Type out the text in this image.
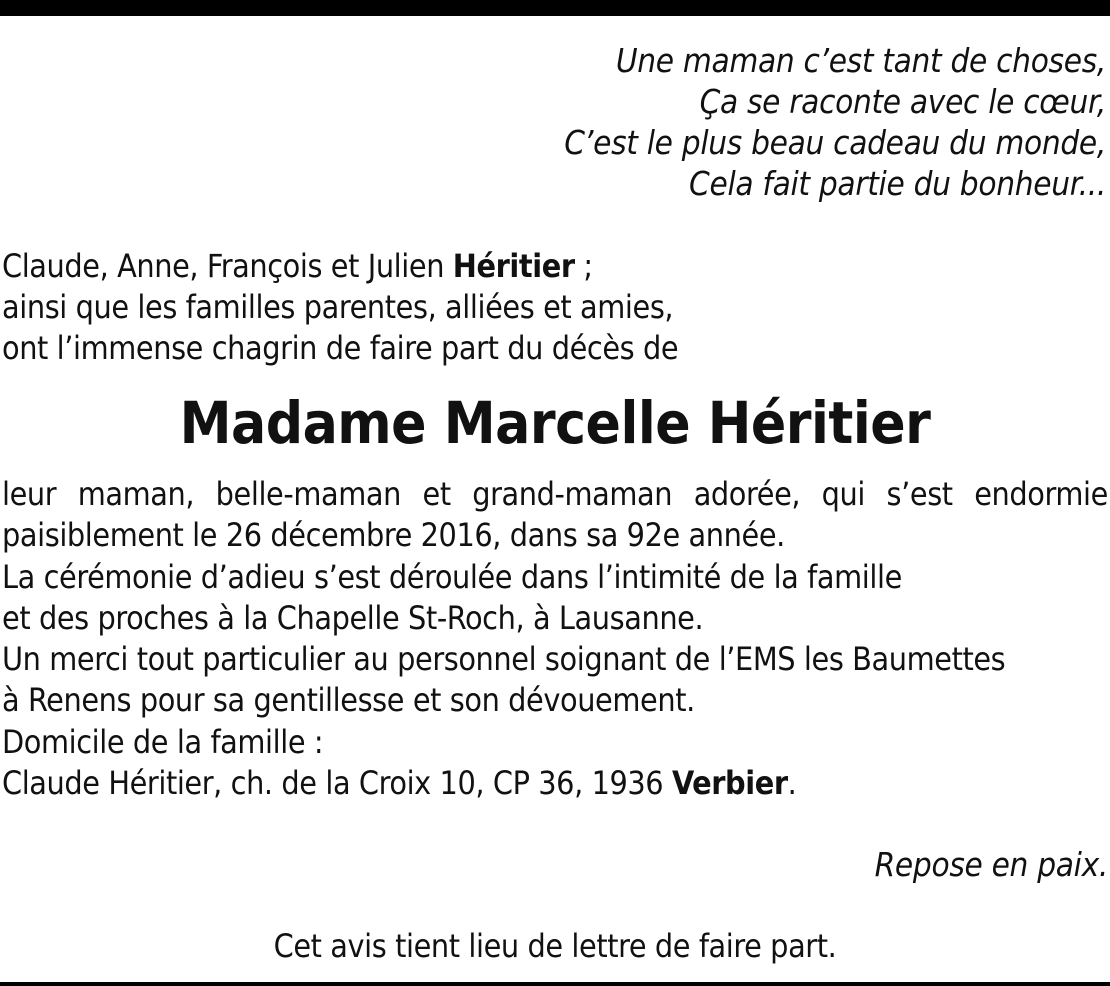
Une maman c’est tant de choses,
Ça se raconte avec le cœur,
C’est le plus beau cadeau du monde,
Cela fait partie du bonheur...
Claude, Anne, François et Julien Héritier ;
ainsi que les familles parentes, alliées et amies,
ont l’immense chagrin de faire part du décès de
Madame Marcelle Héritier
leur maman, belle-maman et grand-maman adorée, qui s’est endormie
paisiblement le 26 décembre 2016, dans sa 92e année.
La cérémonie d’adieu s’est déroulée dans l’intimité de la famille
et des proches à la Chapelle St-Roch, à Lausanne.
Un merci tout particulier au personnel soignant de l’EMS les Baumettes
à Renens pour sa gentillesse et son dévouement.
Domicile de la famille :
Claude Héritier, ch. de la Croix 10, CP 36, 1936 Verbier.
Repose en paix.
Cet avis tient lieu de lettre de faire part.
